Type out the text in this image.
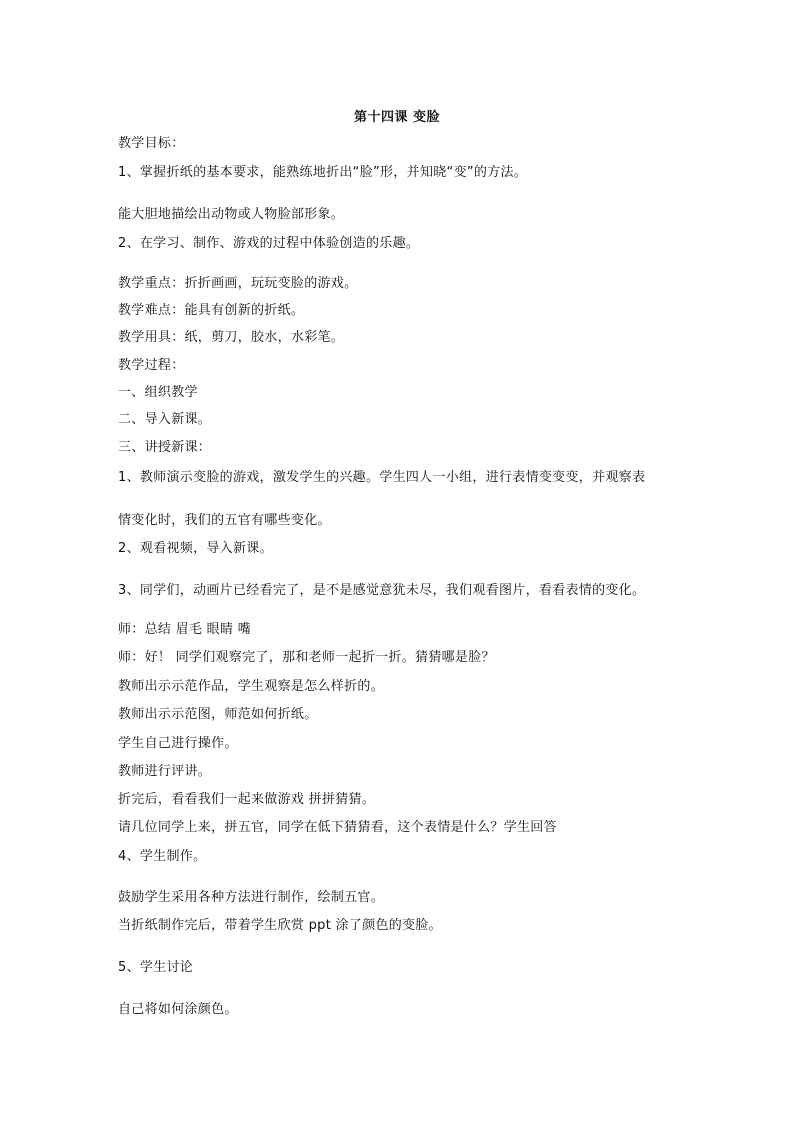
第十四课 变脸
教学目标：
1、掌握折纸的基本要求，能熟练地折出“脸”形，并知晓“变”的方法。
能大胆地描绘出动物或人物脸部形象。
2、在学习、制作、游戏的过程中体验创造的乐趣。
教学重点：折折画画，玩玩变脸的游戏。
教学难点：能具有创新的折纸。
教学用具：纸，剪刀，胶水，水彩笔。
教学过程：
一、组织教学
二、导入新课。
三、讲授新课：
1、教师演示变脸的游戏，激发学生的兴趣。学生四人一小组，进行表情变变变，并观察表
情变化时，我们的五官有哪些变化。
2、观看视频，导入新课。
3、同学们，动画片已经看完了，是不是感觉意犹未尽，我们观看图片，看看表情的变化。
师：总结 眉毛 眼睛 嘴
师：好！ 同学们观察完了，那和老师一起折一折。猜猜哪是脸？
教师出示示范作品，学生观察是怎么样折的。
教师出示示范图，师范如何折纸。
学生自己进行操作。
教师进行评讲。
折完后，看看我们一起来做游戏 拼拼猜猜。
请几位同学上来，拼五官，同学在低下猜猜看，这个表情是什么？学生回答
4、学生制作。
鼓励学生采用各种方法进行制作，绘制五官。
当折纸制作完后，带着学生欣赏 ppt 涂了颜色的变脸。
5、学生讨论
自己将如何涂颜色。
